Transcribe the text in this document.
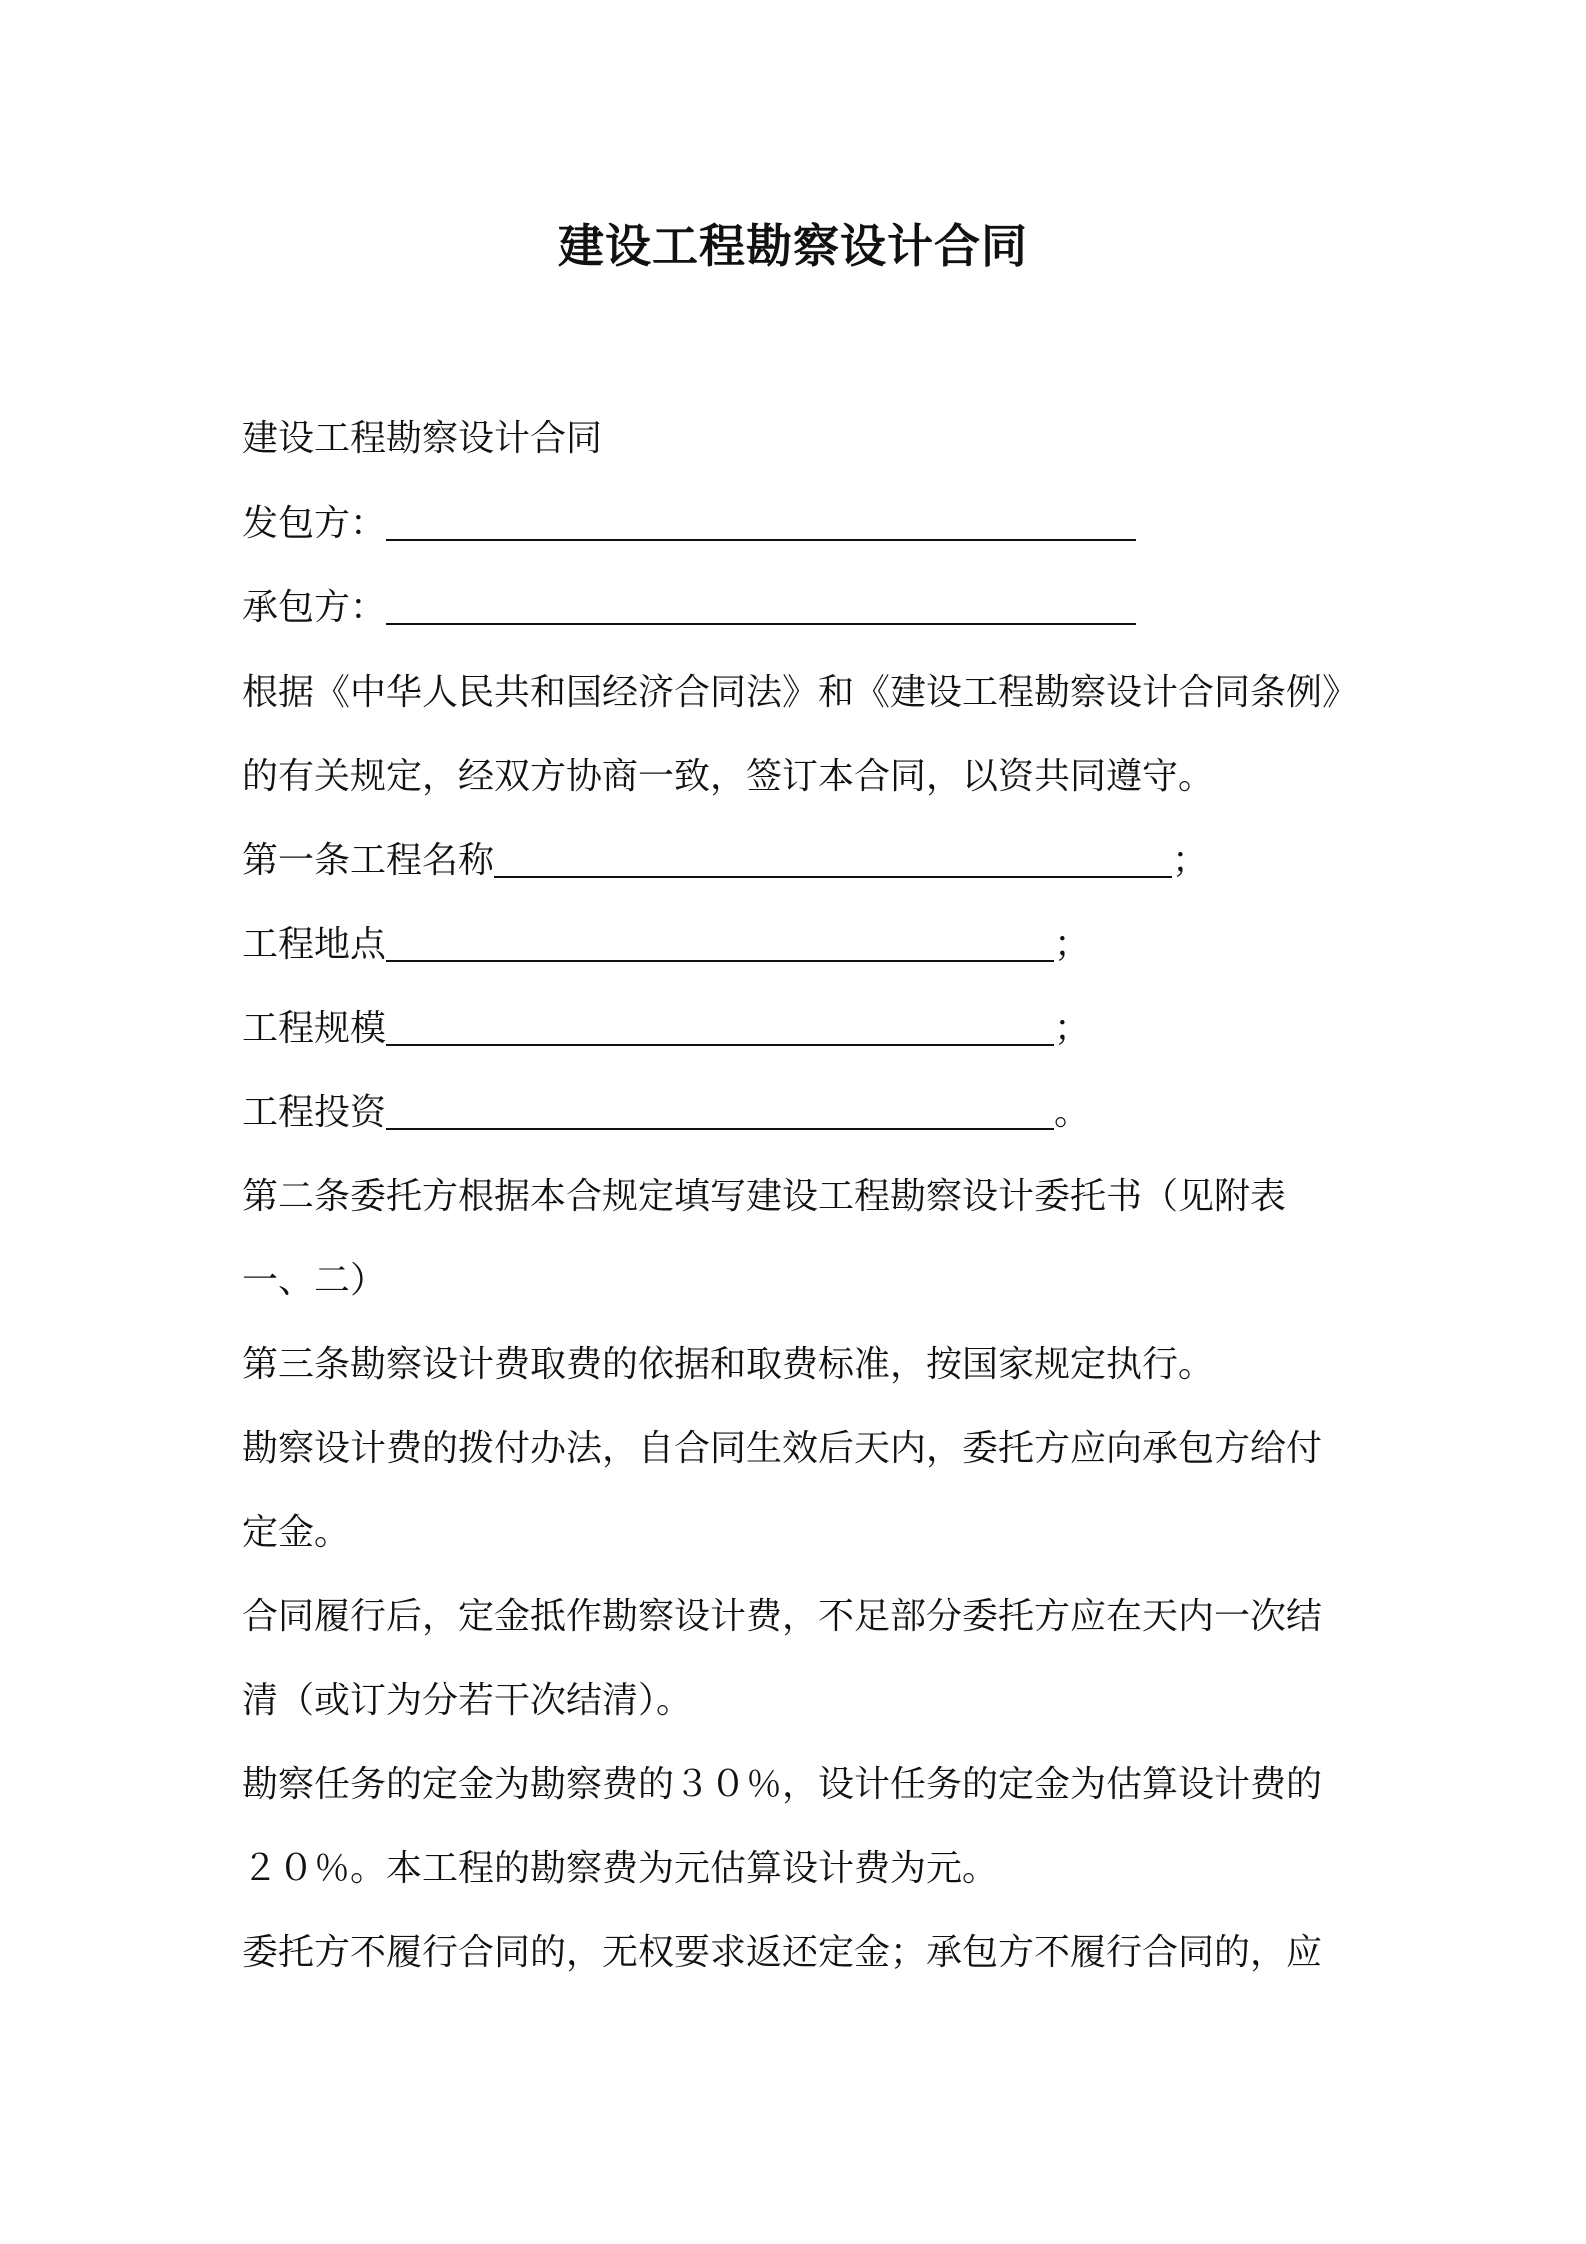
建设工程勘察设计合同
建设工程勘察设计合同
发包方：
承包方：
根据《中华人民共和国经济合同法》和《建设工程勘察设计合同条例》
的有关规定，经双方协商一致，签订本合同，以资共同遵守。
第一条工程名称	；
工程地点	；
工程规模	；
工程投资	。
第二条委托方根据本合规定填写建设工程勘察设计委托书（见附表
一、二）
第三条勘察设计费取费的依据和取费标准，按国家规定执行。
勘察设计费的拨付办法，自合同生效后天内，委托方应向承包方给付
定金。
合同履行后，定金抵作勘察设计费，不足部分委托方应在天内一次结
清（或订为分若干次结清）。
勘察任务的定金为勘察费的３０％，设计任务的定金为估算设计费的
２０％。本工程的勘察费为元估算设计费为元。
委托方不履行合同的，无权要求返还定金；承包方不履行合同的，应
